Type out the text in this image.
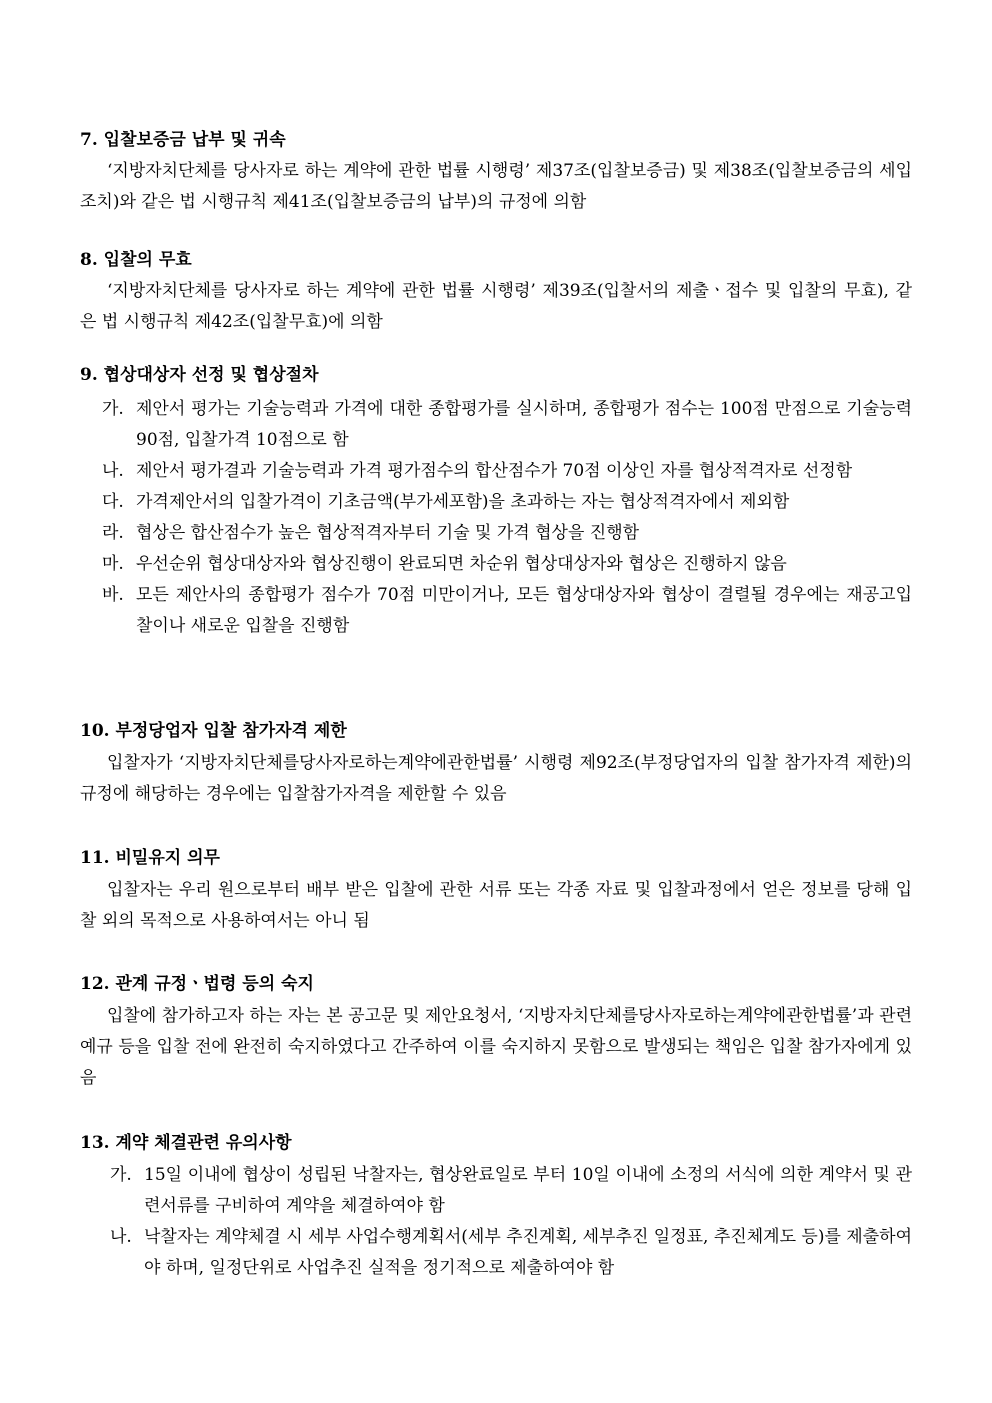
7. 입찰보증금 납부 및 귀속
‘지방자치단체를 당사자로 하는 계약에 관한 법률 시행령’ 제37조(입찰보증금) 및 제38조(입찰보증금의 세입조치)와 같은 법 시행규칙 제41조(입찰보증금의 납부)의 규정에 의함
8. 입찰의 무효
‘지방자치단체를 당사자로 하는 계약에 관한 법률 시행령’ 제39조(입찰서의 제출ㆍ접수 및 입찰의 무효), 같은 법 시행규칙 제42조(입찰무효)에 의함
9. 협상대상자 선정 및 협상절차
가. 제안서 평가는 기술능력과 가격에 대한 종합평가를 실시하며, 종합평가 점수는 100점 만점으로 기술능력 90점, 입찰가격 10점으로 함
나. 제안서 평가결과 기술능력과 가격 평가점수의 합산점수가 70점 이상인 자를 협상적격자로 선정함
다. 가격제안서의 입찰가격이 기초금액(부가세포함)을 초과하는 자는 협상적격자에서 제외함
라. 협상은 합산점수가 높은 협상적격자부터 기술 및 가격 협상을 진행함
마. 우선순위 협상대상자와 협상진행이 완료되면 차순위 협상대상자와 협상은 진행하지 않음
바. 모든 제안사의 종합평가 점수가 70점 미만이거나, 모든 협상대상자와 협상이 결렬될 경우에는 재공고입찰이나 새로운 입찰을 진행함
10. 부정당업자 입찰 참가자격 제한
입찰자가 ‘지방자치단체를당사자로하는계약에관한법률’ 시행령 제92조(부정당업자의 입찰 참가자격 제한)의 규정에 해당하는 경우에는 입찰참가자격을 제한할 수 있음
11. 비밀유지 의무
입찰자는 우리 원으로부터 배부 받은 입찰에 관한 서류 또는 각종 자료 및 입찰과정에서 얻은 정보를 당해 입찰 외의 목적으로 사용하여서는 아니 됨
12. 관계 규정ㆍ법령 등의 숙지
입찰에 참가하고자 하는 자는 본 공고문 및 제안요청서, ‘지방자치단체를당사자로하는계약에관한법률’과 관련 예규 등을 입찰 전에 완전히 숙지하였다고 간주하여 이를 숙지하지 못함으로 발생되는 책임은 입찰 참가자에게 있음
13. 계약 체결관련 유의사항
가. 15일 이내에 협상이 성립된 낙찰자는, 협상완료일로 부터 10일 이내에 소정의 서식에 의한 계약서 및 관련서류를 구비하여 계약을 체결하여야 함
나. 낙찰자는 계약체결 시 세부 사업수행계획서(세부 추진계획, 세부추진 일정표, 추진체계도 등)를 제출하여야 하며, 일정단위로 사업추진 실적을 정기적으로 제출하여야 함
